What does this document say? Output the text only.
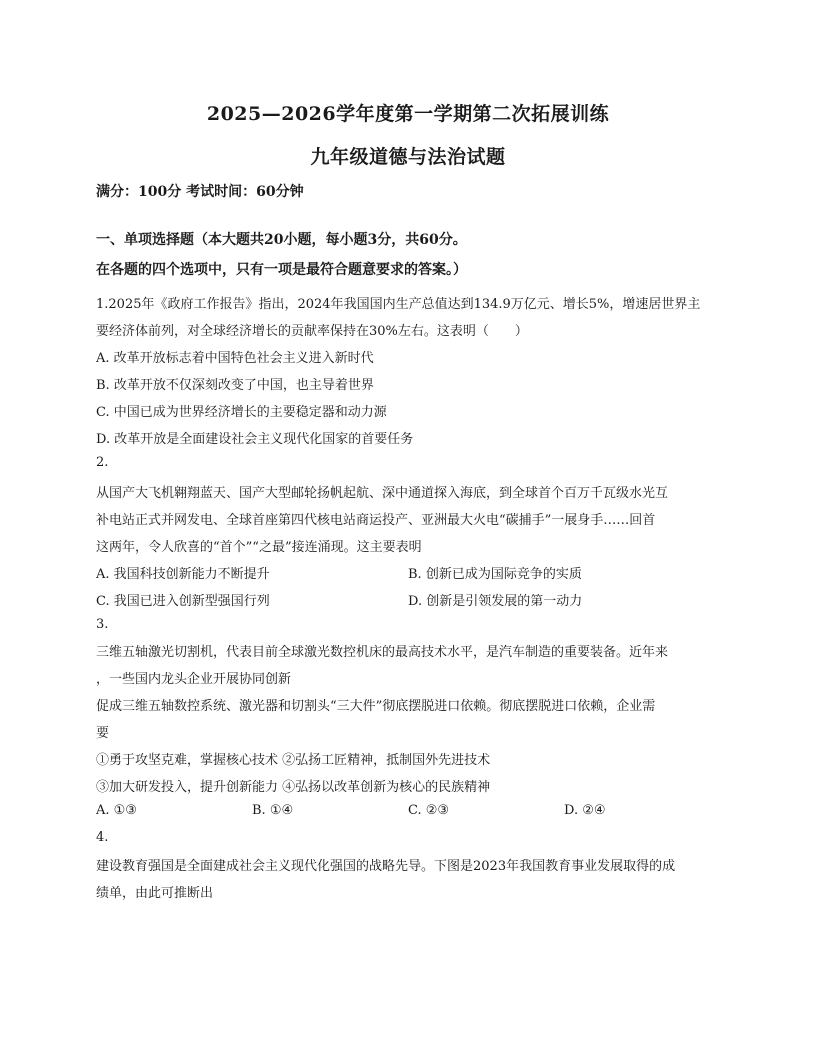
2025—2026学年度第一学期第二次拓展训练
九年级道德与法治试题
满分：100分 考试时间：60分钟
一、单项选择题（本大题共20小题，每小题3分，共60分。
在各题的四个选项中，只有一项是最符合题意要求的答案。）
1.2025年《政府工作报告》指出，2024年我国国内生产总值达到134.9万亿元、增长5%，增速居世界主
要经济体前列，对全球经济增长的贡献率保持在30%左右。这表明（　　）
A. 改革开放标志着中国特色社会主义进入新时代
B. 改革开放不仅深刻改变了中国，也主导着世界
C. 中国已成为世界经济增长的主要稳定器和动力源
D. 改革开放是全面建设社会主义现代化国家的首要任务
2.
从国产大飞机翱翔蓝天、国产大型邮轮扬帆起航、深中通道探入海底，到全球首个百万千瓦级水光互
补电站正式并网发电、全球首座第四代核电站商运投产、亚洲最大火电“碳捕手”一展身手……回首
这两年，令人欣喜的“首个”“之最”接连涌现。这主要表明
A. 我国科技创新能力不断提升	B. 创新已成为国际竞争的实质
C. 我国已进入创新型强国行列	D. 创新是引领发展的第一动力
3.
三维五轴激光切割机，代表目前全球激光数控机床的最高技术水平，是汽车制造的重要装备。近年来
，一些国内龙头企业开展协同创新
促成三维五轴数控系统、激光器和切割头“三大件”彻底摆脱进口依赖。彻底摆脱进口依赖，企业需
要
①勇于攻坚克难，掌握核心技术 ②弘扬工匠精神，抵制国外先进技术
③加大研发投入，提升创新能力 ④弘扬以改革创新为核心的民族精神
A. ①③	B. ①④	C. ②③	D. ②④
4.
建设教育强国是全面建成社会主义现代化强国的战略先导。下图是2023年我国教育事业发展取得的成
绩单，由此可推断出
